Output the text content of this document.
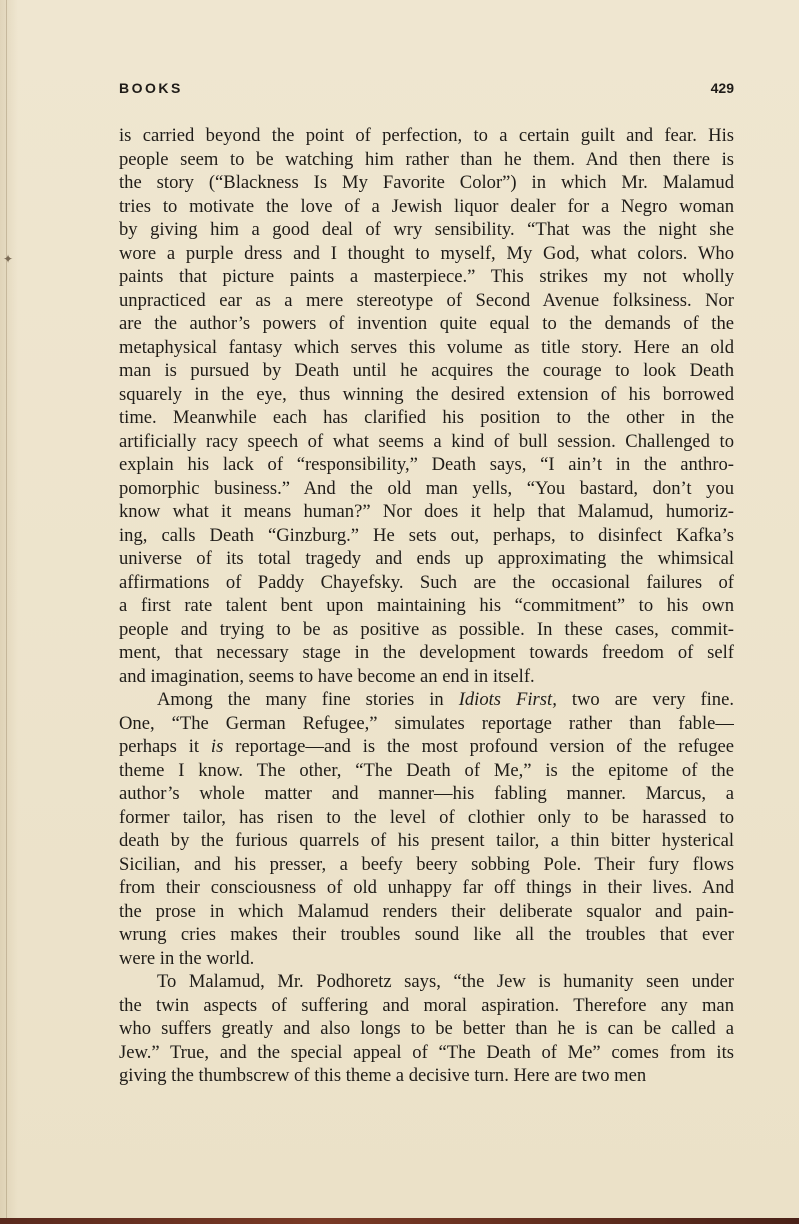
BOOKS	429
✦
is carried beyond the point of perfection, to a certain guilt and fear. His
people seem to be watching him rather than he them. And then there is
the story (“Blackness Is My Favorite Color”) in which Mr. Malamud
tries to motivate the love of a Jewish liquor dealer for a Negro woman
by giving him a good deal of wry sensibility. “That was the night she
wore a purple dress and I thought to myself, My God, what colors. Who
paints that picture paints a masterpiece.” This strikes my not wholly
unpracticed ear as a mere stereotype of Second Avenue folksiness. Nor
are the author’s powers of invention quite equal to the demands of the
metaphysical fantasy which serves this volume as title story. Here an old
man is pursued by Death until he acquires the courage to look Death
squarely in the eye, thus winning the desired extension of his borrowed
time. Meanwhile each has clarified his position to the other in the
artificially racy speech of what seems a kind of bull session. Challenged to
explain his lack of “responsibility,” Death says, “I ain’t in the anthro-
pomorphic business.” And the old man yells, “You bastard, don’t you
know what it means human?” Nor does it help that Malamud, humoriz-
ing, calls Death “Ginzburg.” He sets out, perhaps, to disinfect Kafka’s
universe of its total tragedy and ends up approximating the whimsical
affirmations of Paddy Chayefsky. Such are the occasional failures of
a first rate talent bent upon maintaining his “commitment” to his own
people and trying to be as positive as possible. In these cases, commit-
ment, that necessary stage in the development towards freedom of self
and imagination, seems to have become an end in itself.
Among the many fine stories in Idiots First, two are very fine.
One, “The German Refugee,” simulates reportage rather than fable—
perhaps it is reportage—and is the most profound version of the refugee
theme I know. The other, “The Death of Me,” is the epitome of the
author’s whole matter and manner—his fabling manner. Marcus, a
former tailor, has risen to the level of clothier only to be harassed to
death by the furious quarrels of his present tailor, a thin bitter hysterical
Sicilian, and his presser, a beefy beery sobbing Pole. Their fury flows
from their consciousness of old unhappy far off things in their lives. And
the prose in which Malamud renders their deliberate squalor and pain-
wrung cries makes their troubles sound like all the troubles that ever
were in the world.
To Malamud, Mr. Podhoretz says, “the Jew is humanity seen under
the twin aspects of suffering and moral aspiration. Therefore any man
who suffers greatly and also longs to be better than he is can be called a
Jew.” True, and the special appeal of “The Death of Me” comes from its
giving the thumbscrew of this theme a decisive turn. Here are two men
